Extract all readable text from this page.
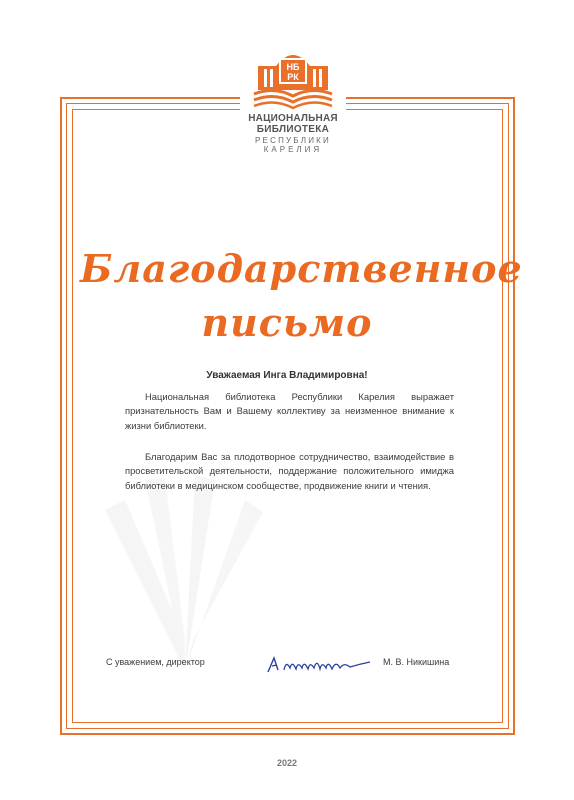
НБ
РК
НАЦИОНАЛЬНАЯ
БИБЛИОТЕКА
РЕСПУБЛИКИ
КАРЕЛИЯ
Благодарственное
письмо
Уважаемая Инга Владимировна!
Национальная библиотека Республики Карелия выражает признательность Вам и Вашему коллективу за неизменное внимание к жизни библиотеки.
Благодарим Вас за плодотворное сотрудничество, взаимодействие в просветительской деятельности, поддержание положительного имиджа библиотеки в медицинском сообществе, продвижение книги и чтения.
С уважением, директор	М. В. Никишина
2022
